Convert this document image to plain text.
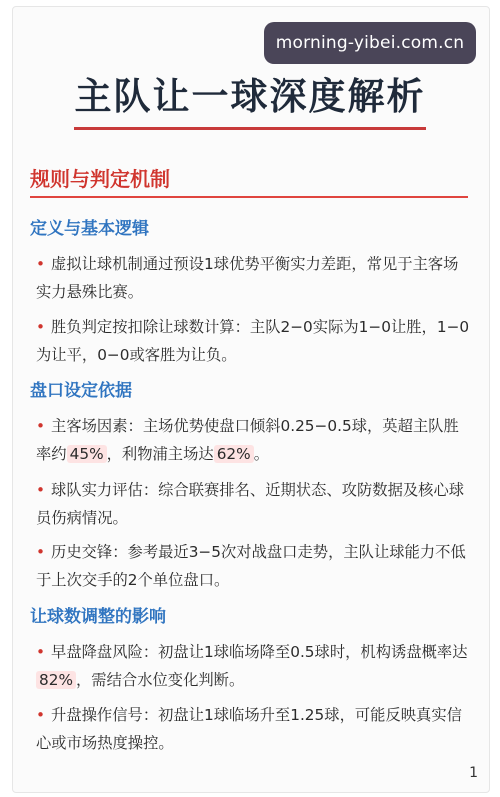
morning-yibei.com.cn
主队让一球深度解析
规则与判定机制
定义与基本逻辑
• 虚拟让球机制通过预设1球优势平衡实力差距，常见于主客场实力悬殊比赛。
• 胜负判定按扣除让球数计算：主队2−0实际为1−0让胜，1−0为让平，0−0或客胜为让负。
盘口设定依据
• 主客场因素：主场优势使盘口倾斜0.25−0.5球，英超主队胜率约 45% ，利物浦主场达 62% 。
• 球队实力评估：综合联赛排名、近期状态、攻防数据及核心球员伤病情况。
• 历史交锋：参考最近3−5次对战盘口走势，主队让球能力不低于上次交手的2个单位盘口。
让球数调整的影响
• 早盘降盘风险：初盘让1球临场降至0.5球时，机构诱盘概率达82% ，需结合水位变化判断。
• 升盘操作信号：初盘让1球临场升至1.25球，可能反映真实信心或市场热度操控。
1
